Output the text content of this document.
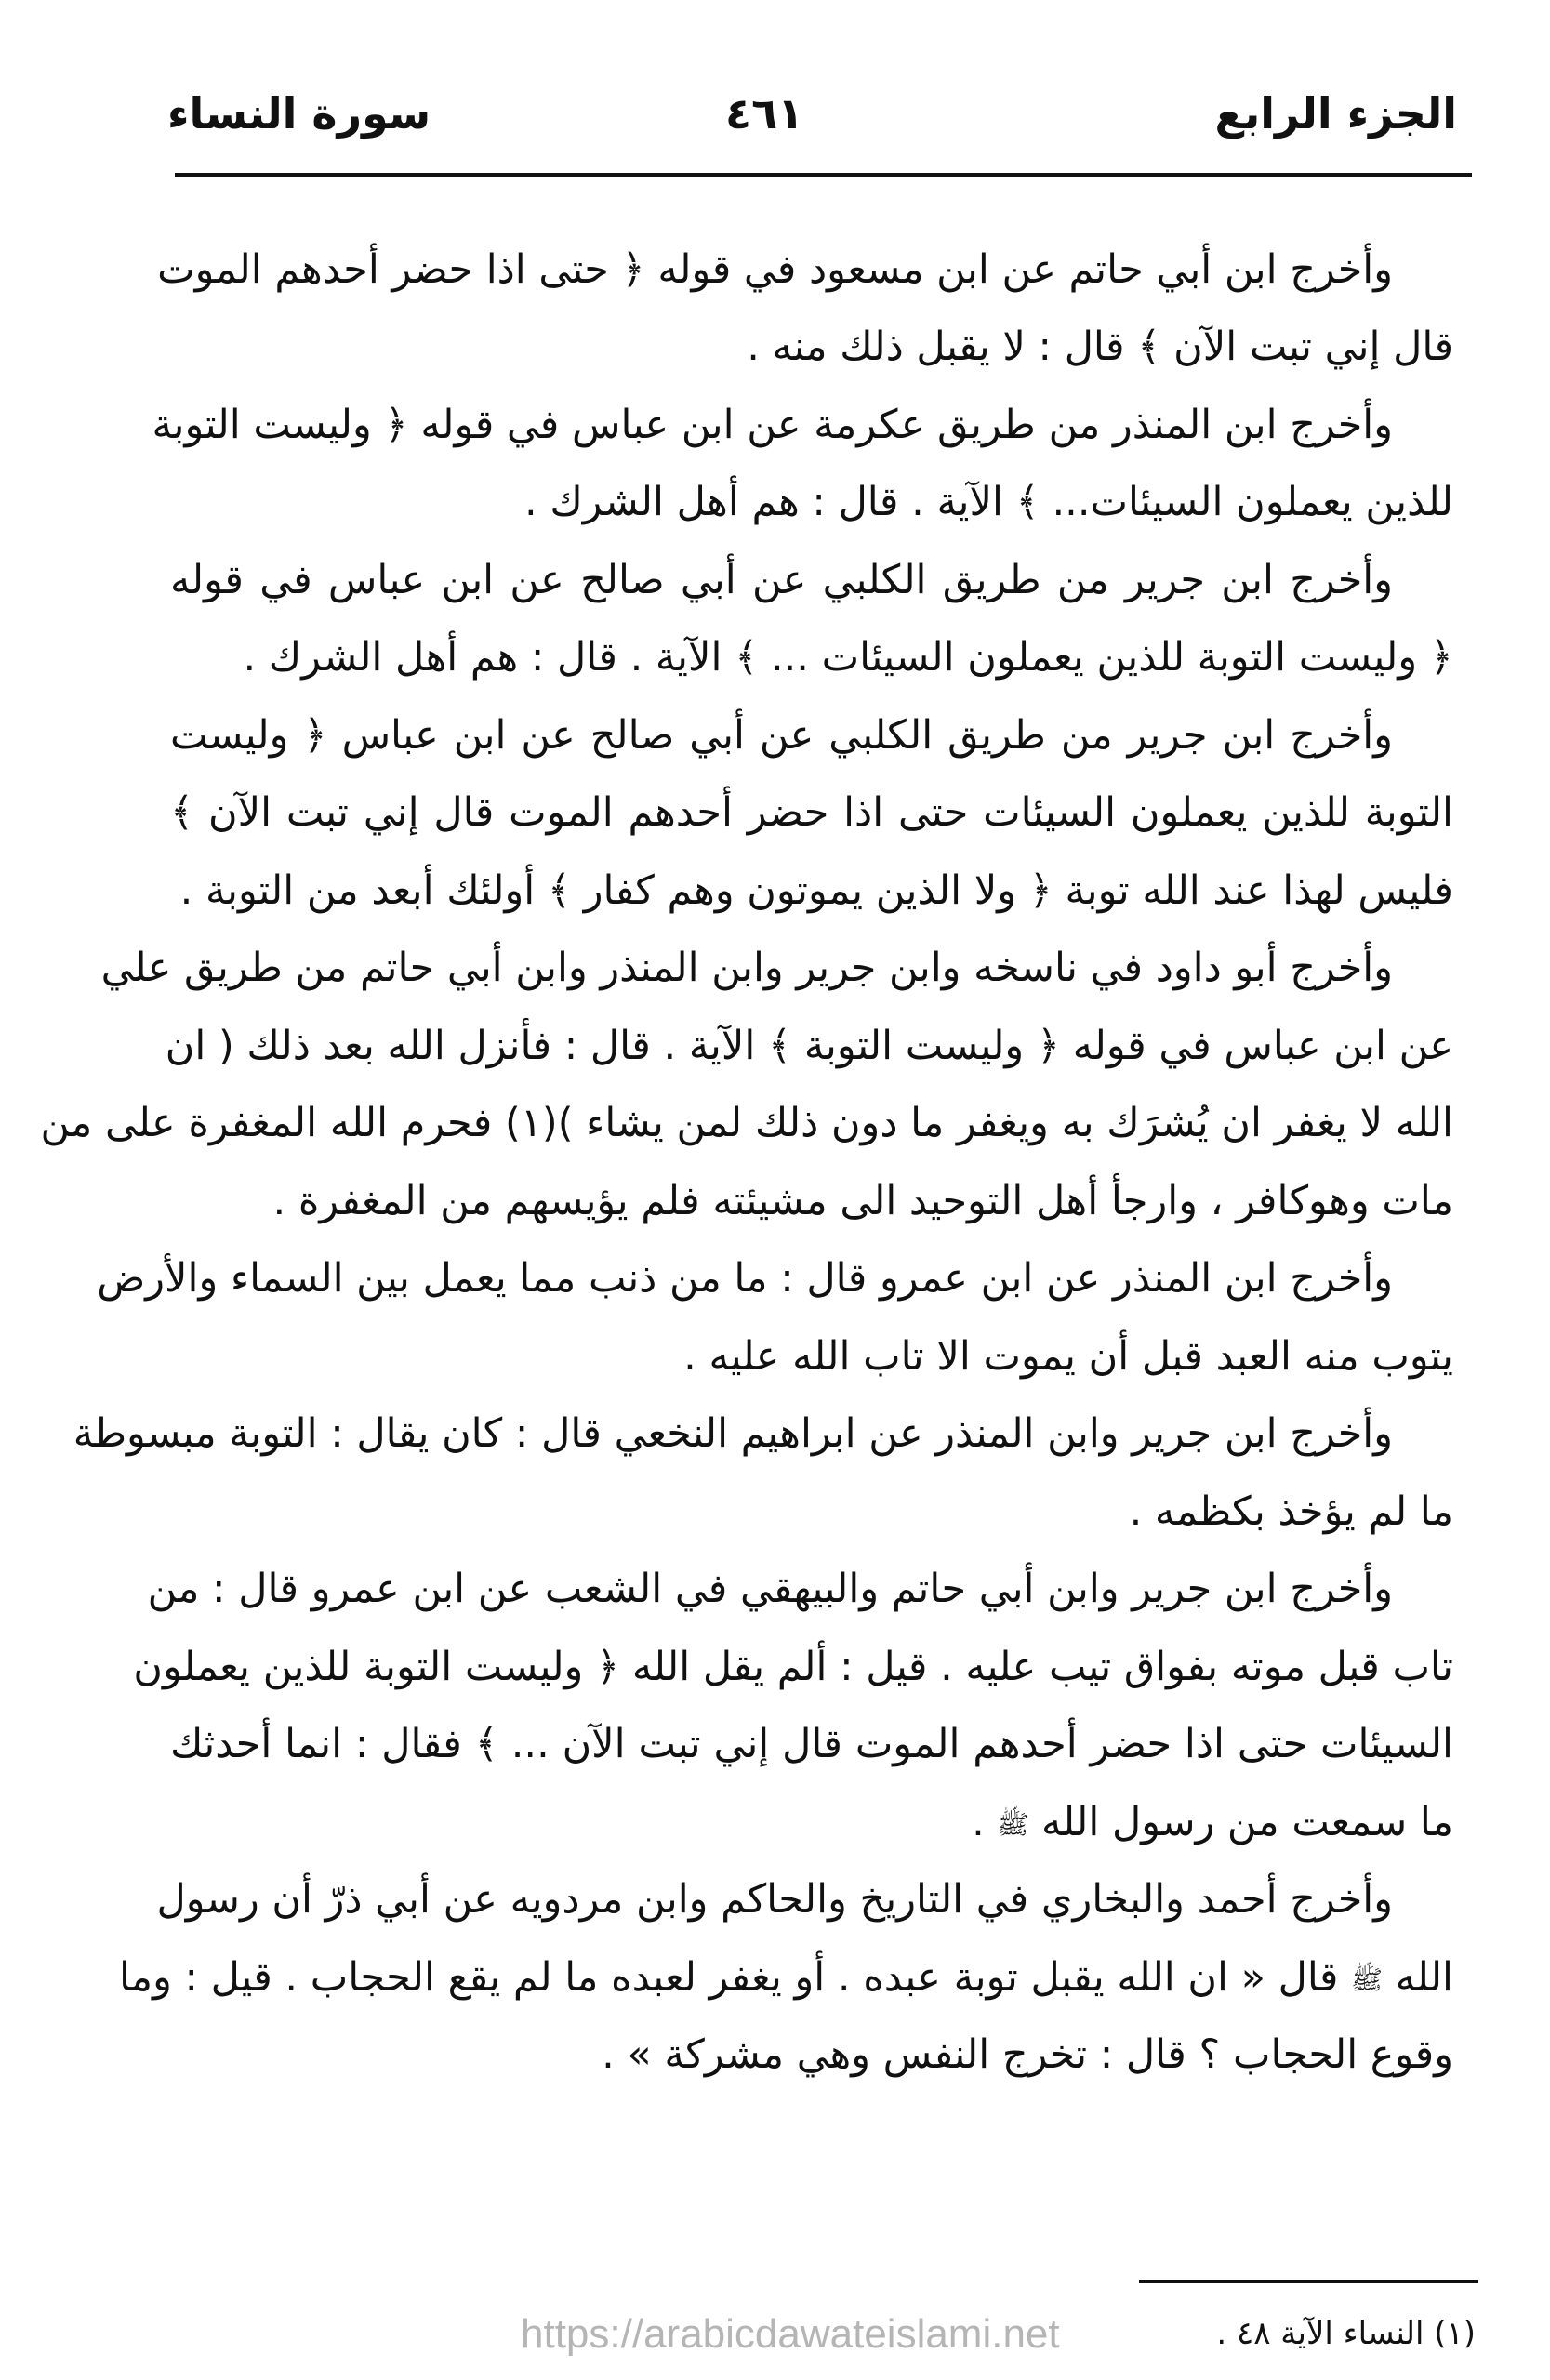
الجزء الرابع
٤٦١
سورة النساء
وأخرج ابن أبي حاتم عن ابن مسعود في قوله ﴿ حتى اذا حضر أحدهم الموت
قال إني تبت الآن ﴾ قال : لا يقبل ذلك منه .
وأخرج ابن المنذر من طريق عكرمة عن ابن عباس في قوله ﴿ وليست التوبة
للذين يعملون السيئات... ﴾ الآية . قال : هم أهل الشرك .
وأخرج ابن جرير من طريق الكلبي عن أبي صالح عن ابن عباس في قوله
﴿ وليست التوبة للذين يعملون السيئات ... ﴾ الآية . قال : هم أهل الشرك .
وأخرج ابن جرير من طريق الكلبي عن أبي صالح عن ابن عباس ﴿ وليست
التوبة للذين يعملون السيئات حتى اذا حضر أحدهم الموت قال إني تبت الآن ﴾
فليس لهذا عند الله توبة ﴿ ولا الذين يموتون وهم كفار ﴾ أولئك أبعد من التوبة .
وأخرج أبو داود في ناسخه وابن جرير وابن المنذر وابن أبي حاتم من طريق علي
عن ابن عباس في قوله ﴿ وليست التوبة ﴾ الآية . قال : فأنزل الله بعد ذلك ( ان
الله لا يغفر ان يُشرَك به ويغفر ما دون ذلك لمن يشاء )(١) فحرم الله المغفرة على من
مات وهوكافر ، وارجأ أهل التوحيد الى مشيئته فلم يؤيسهم من المغفرة .
وأخرج ابن المنذر عن ابن عمرو قال : ما من ذنب مما يعمل بين السماء والأرض
يتوب منه العبد قبل أن يموت الا تاب الله عليه .
وأخرج ابن جرير وابن المنذر عن ابراهيم النخعي قال : كان يقال : التوبة مبسوطة
ما لم يؤخذ بكظمه .
وأخرج ابن جرير وابن أبي حاتم والبيهقي في الشعب عن ابن عمرو قال : من
تاب قبل موته بفواق تيب عليه . قيل : ألم يقل الله ﴿ وليست التوبة للذين يعملون
السيئات حتى اذا حضر أحدهم الموت قال إني تبت الآن ... ﴾ فقال : انما أحدثك
ما سمعت من رسول الله ﷺ .
وأخرج أحمد والبخاري في التاريخ والحاكم وابن مردويه عن أبي ذرّ أن رسول
الله ﷺ قال « ان الله يقبل توبة عبده . أو يغفر لعبده ما لم يقع الحجاب . قيل : وما
وقوع الحجاب ؟ قال : تخرج النفس وهي مشركة » .
https://arabicdawateislami.net	(١) النساء الآية ٤٨ .
